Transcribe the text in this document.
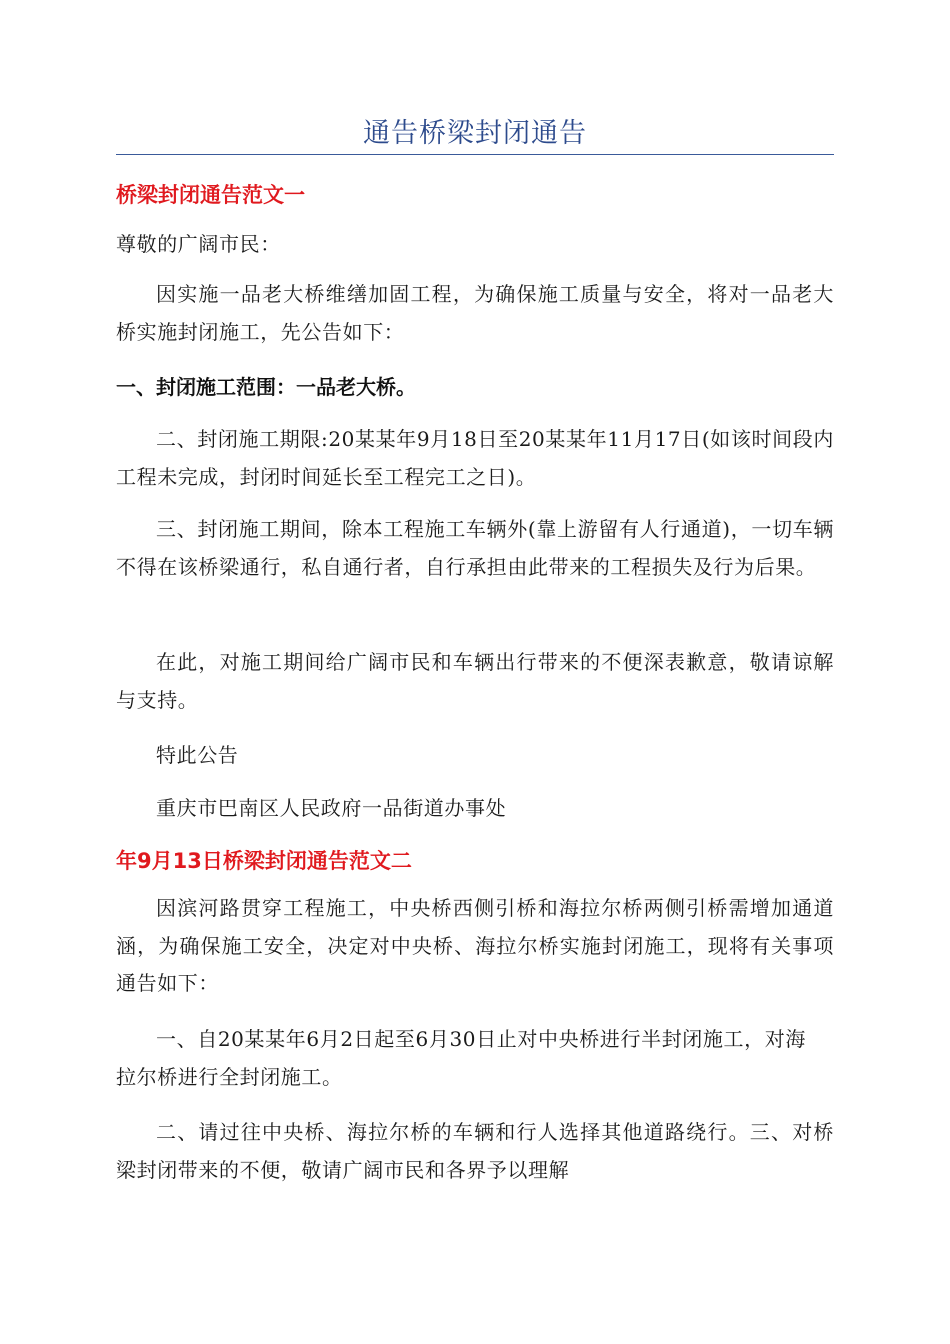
通告桥梁封闭通告
桥梁封闭通告范文一
尊敬的广阔市民：
因实施一品老大桥维缮加固工程，为确保施工质量与安全，将对一品老大桥实施封闭施工，先公告如下：
一、封闭施工范围：一品老大桥。
二、封闭施工期限:20某某年9月18日至20某某年11月17日(如该时间段内工程未完成，封闭时间延长至工程完工之日)。
三、封闭施工期间，除本工程施工车辆外(靠上游留有人行通道)，一切车辆不得在该桥梁通行，私自通行者，自行承担由此带来的工程损失及行为后果。
在此，对施工期间给广阔市民和车辆出行带来的不便深表歉意，敬请谅解与支持。
特此公告
重庆市巴南区人民政府一品街道办事处
年9月13日桥梁封闭通告范文二
因滨河路贯穿工程施工，中央桥西侧引桥和海拉尔桥两侧引桥需增加通道涵，为确保施工安全，决定对中央桥、海拉尔桥实施封闭施工，现将有关事项通告如下：
一、自20某某年6月2日起至6月30日止对中央桥进行半封闭施工，对海拉尔桥进行全封闭施工。
二、请过往中央桥、海拉尔桥的车辆和行人选择其他道路绕行。三、对桥梁封闭带来的不便，敬请广阔市民和各界予以理解
